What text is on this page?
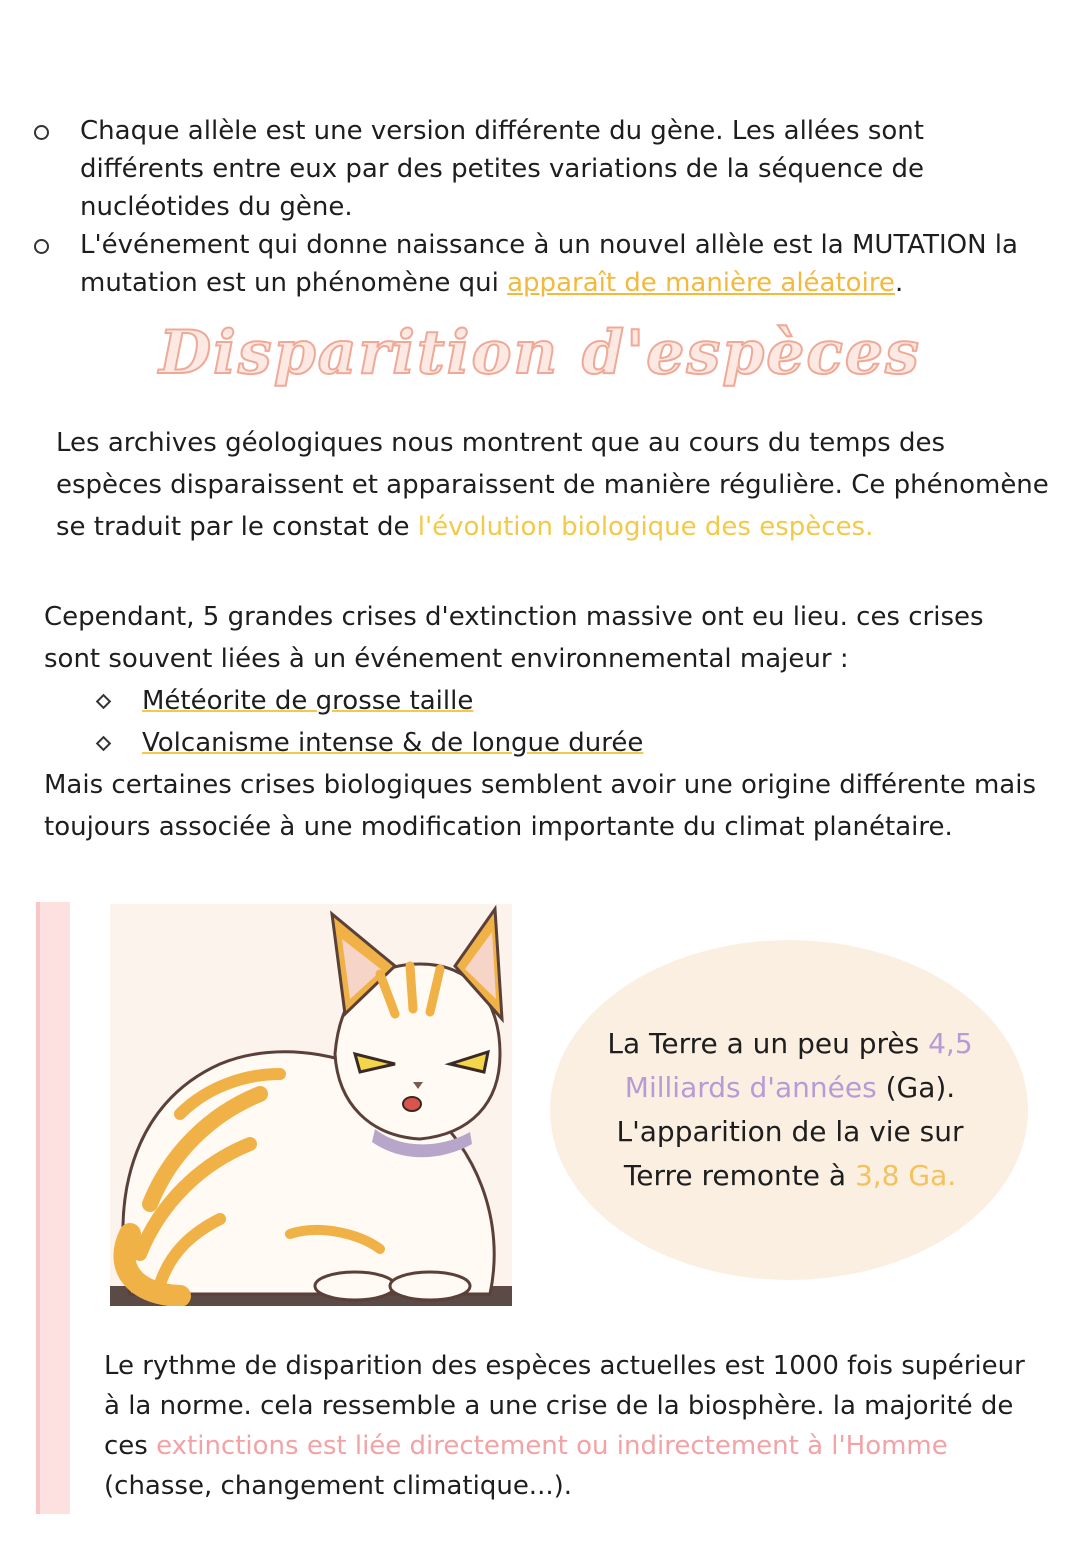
Chaque allèle est une version différente du gène. Les allées sont différents entre eux par des petites variations de la séquence de nucléotides du gène.
L'événement qui donne naissance à un nouvel allèle est la MUTATION la mutation est un phénomène qui apparaît de manière aléatoire.
Disparition d'espèces
Les archives géologiques nous montrent que au cours du temps des espèces disparaissent et apparaissent de manière régulière. Ce phénomène se traduit par le constat de l'évolution biologique des espèces.
Cependant, 5 grandes crises d'extinction massive ont eu lieu. ces crises sont souvent liées à un événement environnemental majeur :
Météorite de grosse taille
Volcanisme intense & de longue durée
Mais certaines crises biologiques semblent avoir une origine différente mais toujours associée à une modification importante du climat planétaire.
La Terre a un peu près 4,5
Milliards d'années (Ga).
L'apparition de la vie sur
Terre remonte à 3,8 Ga.
Le rythme de disparition des espèces actuelles est 1000 fois supérieur à la norme. cela ressemble a une crise de la biosphère. la majorité de ces extinctions est liée directement ou indirectement à l'Homme (chasse, changement climatique...).
